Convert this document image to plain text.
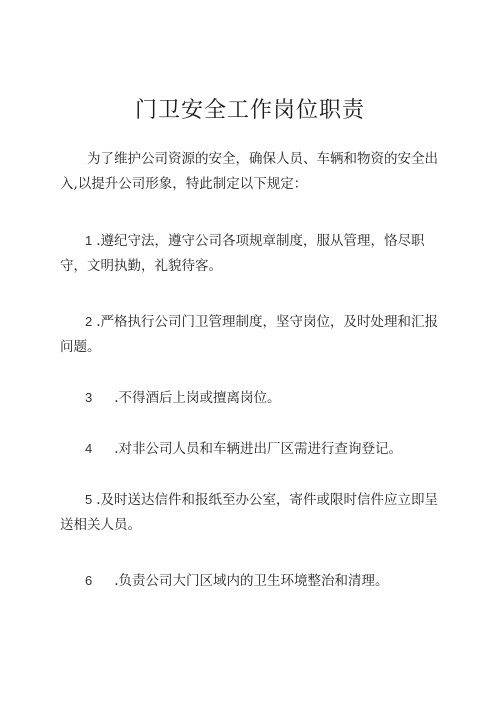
门卫安全工作岗位职责

为了维护公司资源的安全，确保人员、车辆和物资的安全出入,以提升公司形象，特此制定以下规定：

1 .遵纪守法，遵守公司各项规章制度，服从管理，恪尽职守，文明执勤，礼貌待客。

2 .严格执行公司门卫管理制度，坚守岗位，及时处理和汇报问题。

3 .不得酒后上岗或擅离岗位。

4 .对非公司人员和车辆进出厂区需进行查询登记。

5 .及时送达信件和报纸至办公室，寄件或限时信件应立即呈送相关人员。

6 .负责公司大门区域内的卫生环境整治和清理。
